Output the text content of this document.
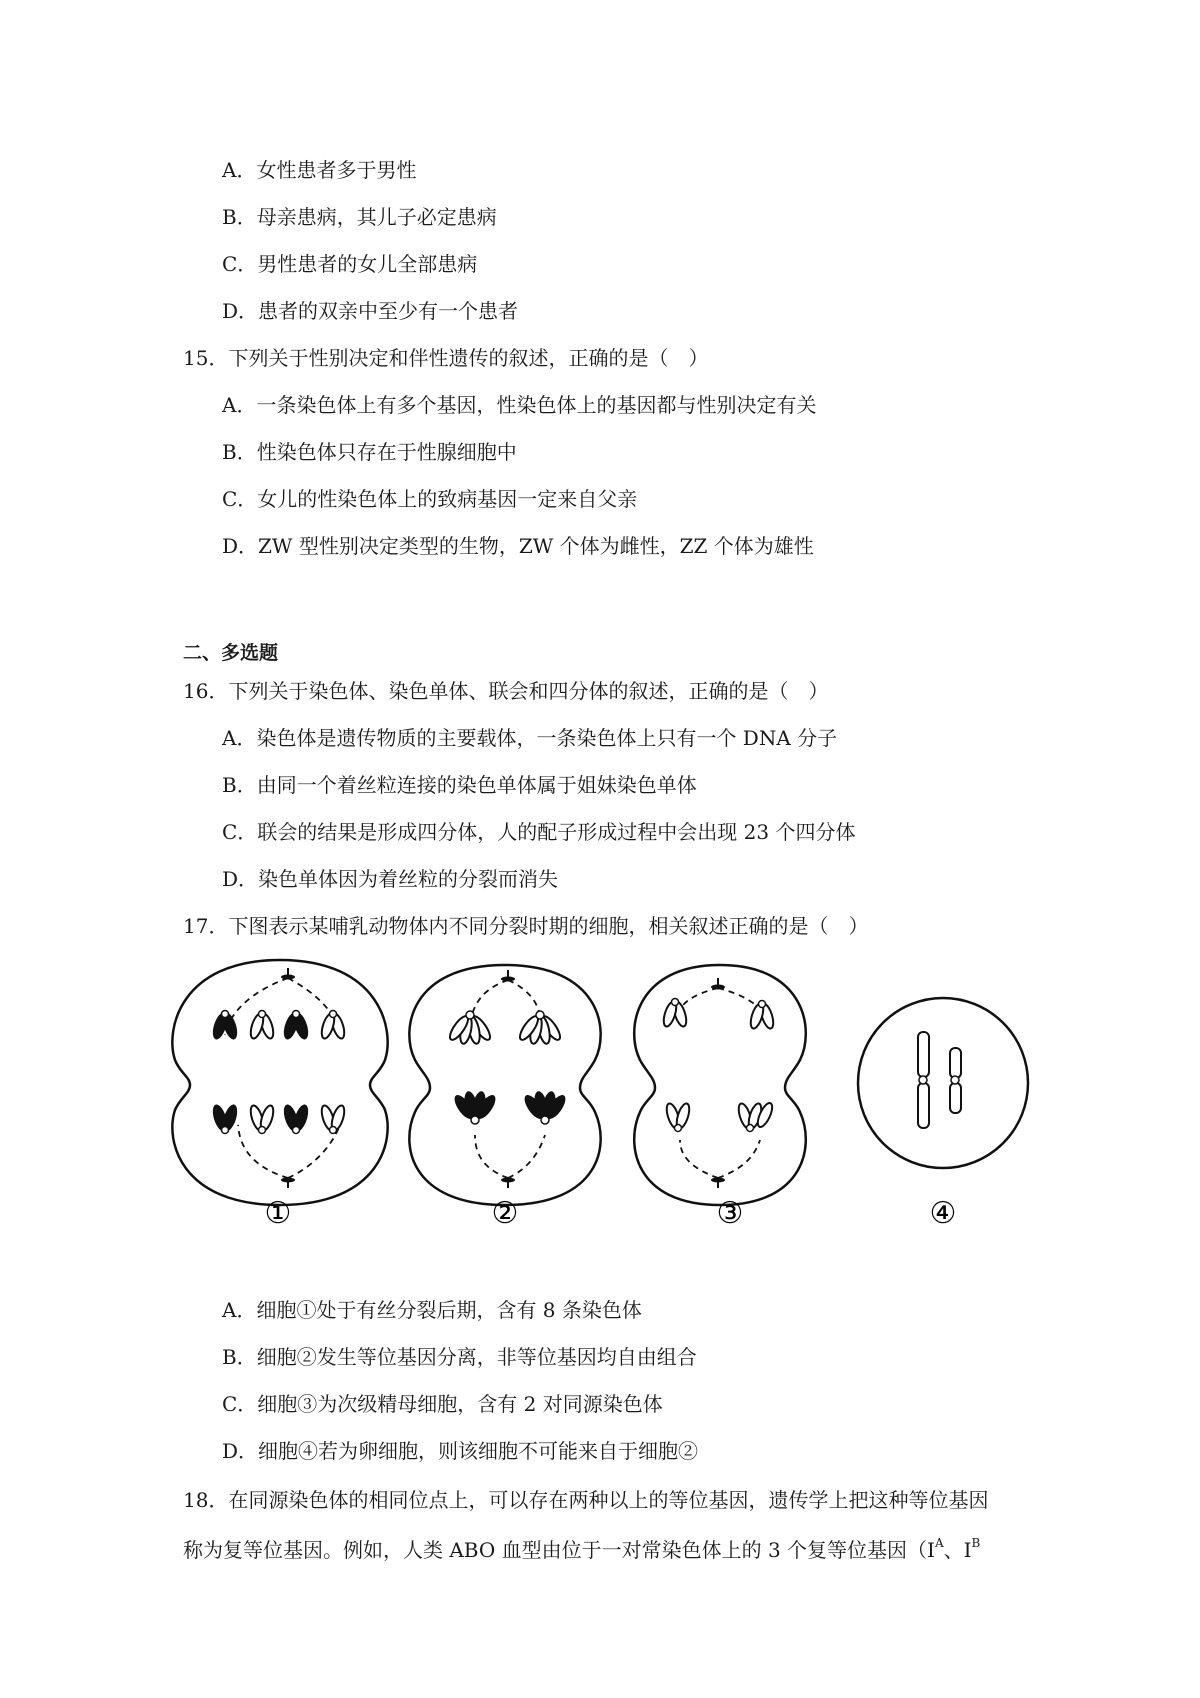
A．女性患者多于男性
B．母亲患病，其儿子必定患病
C．男性患者的女儿全部患病
D．患者的双亲中至少有一个患者
15．下列关于性别决定和伴性遗传的叙述，正确的是（　）
A．一条染色体上有多个基因，性染色体上的基因都与性别决定有关
B．性染色体只存在于性腺细胞中
C．女儿的性染色体上的致病基因一定来自父亲
D．ZW 型性别决定类型的生物，ZW 个体为雌性，ZZ 个体为雄性
二、多选题
16．下列关于染色体、染色单体、联会和四分体的叙述，正确的是（　）
A．染色体是遗传物质的主要载体，一条染色体上只有一个 DNA 分子
B．由同一个着丝粒连接的染色单体属于姐妹染色单体
C．联会的结果是形成四分体，人的配子形成过程中会出现 23 个四分体
D．染色单体因为着丝粒的分裂而消失
17．下图表示某哺乳动物体内不同分裂时期的细胞，相关叙述正确的是（　）
①	②	③	④
A．细胞①处于有丝分裂后期，含有 8 条染色体
B．细胞②发生等位基因分离，非等位基因均自由组合
C．细胞③为次级精母细胞，含有 2 对同源染色体
D．细胞④若为卵细胞，则该细胞不可能来自于细胞②
18．在同源染色体的相同位点上，可以存在两种以上的等位基因，遗传学上把这种等位基因
称为复等位基因。例如，人类 ABO 血型由位于一对常染色体上的 3 个复等位基因（$I^A$、$I^B$
